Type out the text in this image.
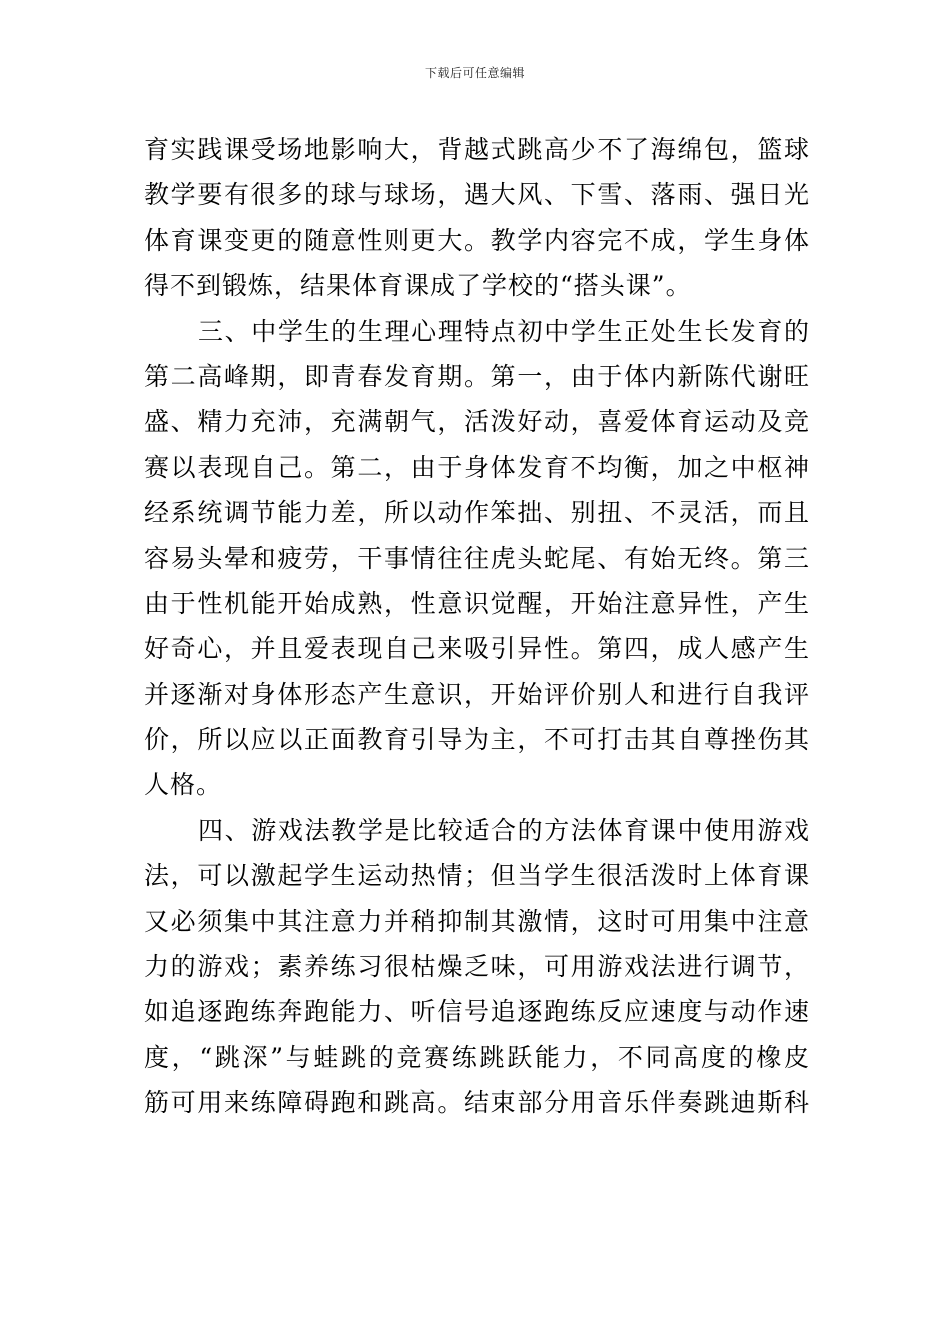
下载后可任意编辑
育实践课受场地影响大，背越式跳高少不了海绵包，篮球
教学要有很多的球与球场，遇大风、下雪、落雨、强日光
体育课变更的随意性则更大。教学内容完不成，学生身体
得不到锻炼，结果体育课成了学校的“搭头课”。
三、中学生的生理心理特点初中学生正处生长发育的
第二高峰期，即青春发育期。第一，由于体内新陈代谢旺
盛、精力充沛，充满朝气，活泼好动，喜爱体育运动及竞
赛以表现自己。第二，由于身体发育不均衡，加之中枢神
经系统调节能力差，所以动作笨拙、别扭、不灵活，而且
容易头晕和疲劳，干事情往往虎头蛇尾、有始无终。第三
由于性机能开始成熟，性意识觉醒，开始注意异性，产生
好奇心，并且爱表现自己来吸引异性。第四，成人感产生
并逐渐对身体形态产生意识，开始评价别人和进行自我评
价，所以应以正面教育引导为主，不可打击其自尊挫伤其
人格。
四、游戏法教学是比较适合的方法体育课中使用游戏
法，可以激起学生运动热情；但当学生很活泼时上体育课
又必须集中其注意力并稍抑制其激情，这时可用集中注意
力的游戏；素养练习很枯燥乏味，可用游戏法进行调节，
如追逐跑练奔跑能力、听信号追逐跑练反应速度与动作速
度，“跳深”与蛙跳的竞赛练跳跃能力，不同高度的橡皮
筋可用来练障碍跑和跳高。结束部分用音乐伴奏跳迪斯科
